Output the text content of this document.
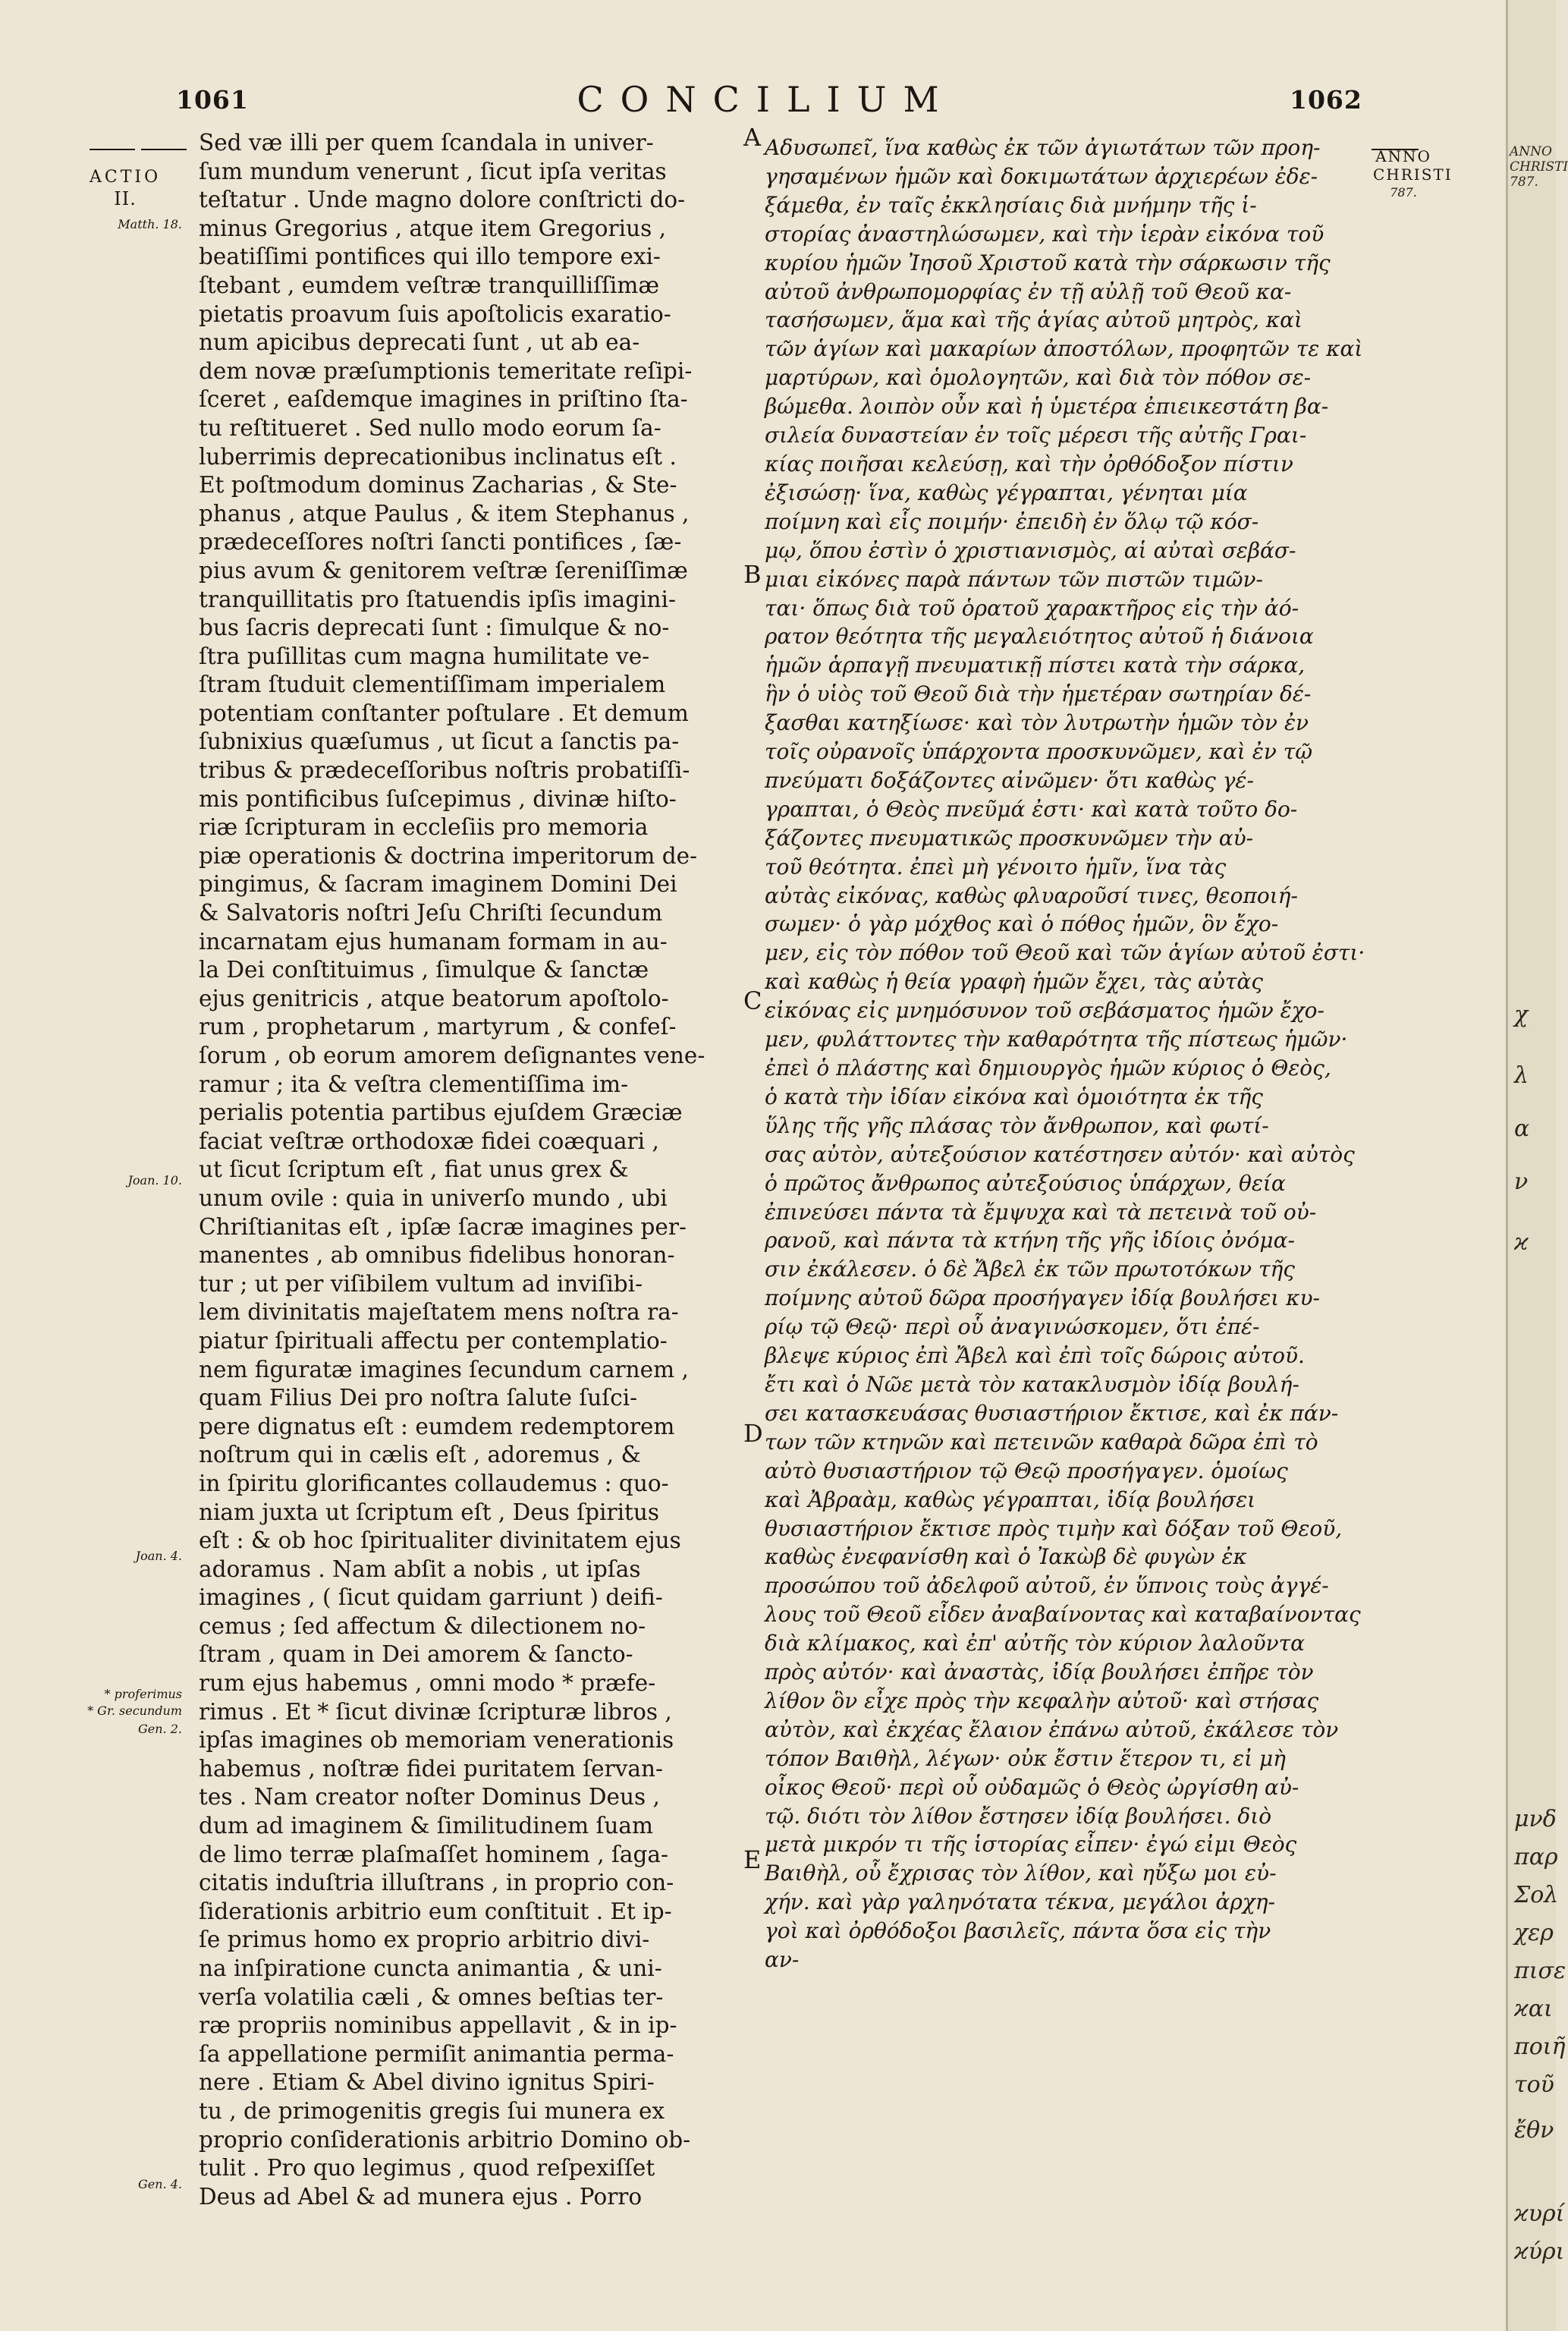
1061	CONCILIUM	1062
ACTIO
II.
ANNO CHRISTI
787.
Matth. 18.
Joan. 10.
Joan. 4.
* proferimus
* Gr. secundum
Gen. 2.
Gen. 4.
Sed væ illi per quem ſcandala in univer-
ſum mundum venerunt , ſicut ipſa veritas
teſtatur . Unde magno dolore conſtricti do-
minus Gregorius , atque item Gregorius ,
beatiſſimi pontifices qui illo tempore exi-
ſtebant , eumdem veſtræ tranquilliſſimæ
pietatis proavum ſuis apoſtolicis exaratio-
num apicibus deprecati ſunt , ut ab ea-
dem novæ præſumptionis temeritate reſipi-
ſceret , eaſdemque imagines in priſtino ſta-
tu reſtitueret . Sed nullo modo eorum ſa-
luberrimis deprecationibus inclinatus eſt .
Et poſtmodum dominus Zacharias , & Ste-
phanus , atque Paulus , & item Stephanus ,
prædeceſſores noſtri ſancti pontifices , ſæ-
pius avum & genitorem veſtræ ſereniſſimæ
tranquillitatis pro ſtatuendis ipſis imagini-
bus ſacris deprecati ſunt : ſimulque & no-
ſtra puſillitas cum magna humilitate ve-
ſtram ſtuduit clementiſſimam imperialem
potentiam conſtanter poſtulare . Et demum
ſubnixius quæſumus , ut ſicut a ſanctis pa-
tribus & prædeceſſoribus noſtris probatiſſi-
mis pontificibus ſuſcepimus , divinæ hiſto-
riæ ſcripturam in eccleſiis pro memoria
piæ operationis & doctrina imperitorum de-
pingimus, & ſacram imaginem Domini Dei
& Salvatoris noſtri Jeſu Chriſti ſecundum
incarnatam ejus humanam formam in au-
la Dei conſtituimus , ſimulque & ſanctæ
ejus genitricis , atque beatorum apoſtolo-
rum , prophetarum , martyrum , & confeſ-
ſorum , ob eorum amorem deſignantes vene-
ramur ; ita & veſtra clementiſſima im-
perialis potentia partibus ejuſdem Græciæ
faciat veſtræ orthodoxæ fidei coæquari ,
ut ſicut ſcriptum eſt , fiat unus grex &
unum ovile : quia in univerſo mundo , ubi
Chriſtianitas eſt , ipſæ ſacræ imagines per-
manentes , ab omnibus fidelibus honoran-
tur ; ut per viſibilem vultum ad inviſibi-
lem divinitatis majeſtatem mens noſtra ra-
piatur ſpirituali affectu per contemplatio-
nem figuratæ imagines ſecundum carnem ,
quam Filius Dei pro noſtra ſalute ſuſci-
pere dignatus eſt : eumdem redemptorem
noſtrum qui in cælis eſt , adoremus , &
in ſpiritu glorificantes collaudemus : quo-
niam juxta ut ſcriptum eſt , Deus ſpiritus
eſt : & ob hoc ſpiritualiter divinitatem ejus
adoramus . Nam abſit a nobis , ut ipſas
imagines , ( ſicut quidam garriunt ) deifi-
cemus ; ſed affectum & dilectionem no-
ſtram , quam in Dei amorem & ſancto-
rum ejus habemus , omni modo * præfe-
rimus . Et * ſicut divinæ ſcripturæ libros ,
ipſas imagines ob memoriam venerationis
habemus , noſtræ fidei puritatem ſervan-
tes . Nam creator noſter Dominus Deus ,
dum ad imaginem & ſimilitudinem ſuam
de limo terræ plaſmaſſet hominem , ſaga-
citatis induſtria illuſtrans , in proprio con-
ſiderationis arbitrio eum conſtituit . Et ip-
ſe primus homo ex proprio arbitrio divi-
na inſpiratione cuncta animantia , & uni-
verſa volatilia cæli , & omnes beſtias ter-
ræ propriis nominibus appellavit , & in ip-
ſa appellatione permiſit animantia perma-
nere . Etiam & Abel divino ignitus Spiri-
tu , de primogenitis gregis ſui munera ex
proprio conſiderationis arbitrio Domino ob-
tulit . Pro quo legimus , quod reſpexiſſet
Deus ad Abel & ad munera ejus . Porro
Αδυσωπεῖ, ἵνα καθὼς ἐκ τῶν ἀγιωτάτων τῶν προη-
γησαμένων ἡμῶν καὶ δοκιμωτάτων ἀρχιερέων ἐδε-
ξάμεθα, ἐν ταῖς ἐκκλησίαις διὰ μνήμην τῆς ἱ-
στορίας ἀναστηλώσωμεν, καὶ τὴν ἱερὰν εἰκόνα τοῦ
κυρίου ἡμῶν Ἰησοῦ Χριστοῦ κατὰ τὴν σάρκωσιν τῆς
αὐτοῦ ἀνθρωπομορφίας ἐν τῇ αὐλῇ τοῦ Θεοῦ κα-
τασήσωμεν, ἅμα καὶ τῆς ἁγίας αὐτοῦ μητρὸς, καὶ
τῶν ἁγίων καὶ μακαρίων ἀποστόλων, προφητῶν τε καὶ
μαρτύρων, καὶ ὁμολογητῶν, καὶ διὰ τὸν πόθον σε-
βώμεθα. λοιπὸν οὖν καὶ ἡ ὑμετέρα ἐπιεικεστάτη βα-
σιλεία δυναστείαν ἐν τοῖς μέρεσι τῆς αὐτῆς Γραι-
κίας ποιῆσαι κελεύσῃ, καὶ τὴν ὀρθόδοξον πίστιν
ἐξισώσῃ· ἵνα, καθὼς γέγραπται, γένηται μία
ποίμνη καὶ εἷς ποιμήν· ἐπειδὴ ἐν ὅλῳ τῷ κόσ-
μῳ, ὅπου ἐστὶν ὁ χριστιανισμὸς, αἱ αὐταὶ σεβάσ-
μιαι εἰκόνες παρὰ πάντων τῶν πιστῶν τιμῶν-
ται· ὅπως διὰ τοῦ ὁρατοῦ χαρακτῆρος εἰς τὴν ἀό-
ρατον θεότητα τῆς μεγαλειότητος αὐτοῦ ἡ διάνοια
ἡμῶν ἁρπαγῇ πνευματικῇ πίστει κατὰ τὴν σάρκα,
ἣν ὁ υἱὸς τοῦ Θεοῦ διὰ τὴν ἡμετέραν σωτηρίαν δέ-
ξασθαι κατηξίωσε· καὶ τὸν λυτρωτὴν ἡμῶν τὸν ἐν
τοῖς οὐρανοῖς ὑπάρχοντα προσκυνῶμεν, καὶ ἐν τῷ
πνεύματι δοξάζοντες αἰνῶμεν· ὅτι καθὼς γέ-
γραπται, ὁ Θεὸς πνεῦμά ἐστι· καὶ κατὰ τοῦτο δο-
ξάζοντες πνευματικῶς προσκυνῶμεν τὴν αὐ-
τοῦ θεότητα. ἐπεὶ μὴ γένοιτο ἡμῖν, ἵνα τὰς
αὐτὰς εἰκόνας, καθὼς φλυαροῦσί τινες, θεοποιή-
σωμεν· ὁ γὰρ μόχθος καὶ ὁ πόθος ἡμῶν, ὃν ἔχο-
μεν, εἰς τὸν πόθον τοῦ Θεοῦ καὶ τῶν ἁγίων αὐτοῦ ἐστι·
καὶ καθὼς ἡ θεία γραφὴ ἡμῶν ἔχει, τὰς αὐτὰς
εἰκόνας εἰς μνημόσυνον τοῦ σεβάσματος ἡμῶν ἔχο-
μεν, φυλάττοντες τὴν καθαρότητα τῆς πίστεως ἡμῶν·
ἐπεὶ ὁ πλάστης καὶ δημιουργὸς ἡμῶν κύριος ὁ Θεὸς,
ὁ κατὰ τὴν ἰδίαν εἰκόνα καὶ ὁμοιότητα ἐκ τῆς
ὕλης τῆς γῆς πλάσας τὸν ἄνθρωπον, καὶ φωτί-
σας αὐτὸν, αὐτεξούσιον κατέστησεν αὐτόν· καὶ αὐτὸς
ὁ πρῶτος ἄνθρωπος αὐτεξούσιος ὑπάρχων, θεία
ἐπινεύσει πάντα τὰ ἔμψυχα καὶ τὰ πετεινὰ τοῦ οὐ-
ρανοῦ, καὶ πάντα τὰ κτήνη τῆς γῆς ἰδίοις ὀνόμα-
σιν ἐκάλεσεν. ὁ δὲ Ἄβελ ἐκ τῶν πρωτοτόκων τῆς
ποίμνης αὐτοῦ δῶρα προσήγαγεν ἰδίᾳ βουλήσει κυ-
ρίῳ τῷ Θεῷ· περὶ οὗ ἀναγινώσκομεν, ὅτι ἐπέ-
βλεψε κύριος ἐπὶ Ἄβελ καὶ ἐπὶ τοῖς δώροις αὐτοῦ.
ἔτι καὶ ὁ Νῶε μετὰ τὸν κατακλυσμὸν ἰδίᾳ βουλή-
σει κατασκευάσας θυσιαστήριον ἔκτισε, καὶ ἐκ πάν-
των τῶν κτηνῶν καὶ πετεινῶν καθαρὰ δῶρα ἐπὶ τὸ
αὐτὸ θυσιαστήριον τῷ Θεῷ προσήγαγεν. ὁμοίως
καὶ Ἀβραὰμ, καθὼς γέγραπται, ἰδίᾳ βουλήσει
θυσιαστήριον ἔκτισε πρὸς τιμὴν καὶ δόξαν τοῦ Θεοῦ,
καθὼς ἐνεφανίσθη καὶ ὁ Ἰακὼβ δὲ φυγὼν ἐκ
προσώπου τοῦ ἀδελφοῦ αὐτοῦ, ἐν ὕπνοις τοὺς ἀγγέ-
λους τοῦ Θεοῦ εἶδεν ἀναβαίνοντας καὶ καταβαίνοντας
διὰ κλίμακος, καὶ ἐπ' αὐτῆς τὸν κύριον λαλοῦντα
πρὸς αὐτόν· καὶ ἀναστὰς, ἰδίᾳ βουλήσει ἐπῆρε τὸν
λίθον ὃν εἶχε πρὸς τὴν κεφαλὴν αὐτοῦ· καὶ στήσας
αὐτὸν, καὶ ἐκχέας ἔλαιον ἐπάνω αὐτοῦ, ἐκάλεσε τὸν
τόπον Βαιθὴλ, λέγων· οὐκ ἔστιν ἕτερον τι, εἰ μὴ
οἶκος Θεοῦ· περὶ οὗ οὐδαμῶς ὁ Θεὸς ὠργίσθη αὐ-
τῷ. διότι τὸν λίθον ἔστησεν ἰδίᾳ βουλήσει. διὸ
μετὰ μικρόν τι τῆς ἱστορίας εἶπεν· ἐγώ εἰμι Θεὸς
Βαιθὴλ, οὗ ἔχρισας τὸν λίθον, καὶ ηὔξω μοι εὐ-
χήν. καὶ γὰρ γαληνότατα τέκνα, μεγάλοι ἀρχη-
γοὶ καὶ ὀρθόδοξοι βασιλεῖς, πάντα ὅσα εἰς τὴν
αν-
A
B
C
D
E
ANNO
CHRISTI
787.
χ
λ
α
ν
ϰ
μνδ
παρ
Σολ
χερ
πισε
ϰαι
ποιῆ
τοῦ
ἔθν
ϰυρί
ϰύρι
